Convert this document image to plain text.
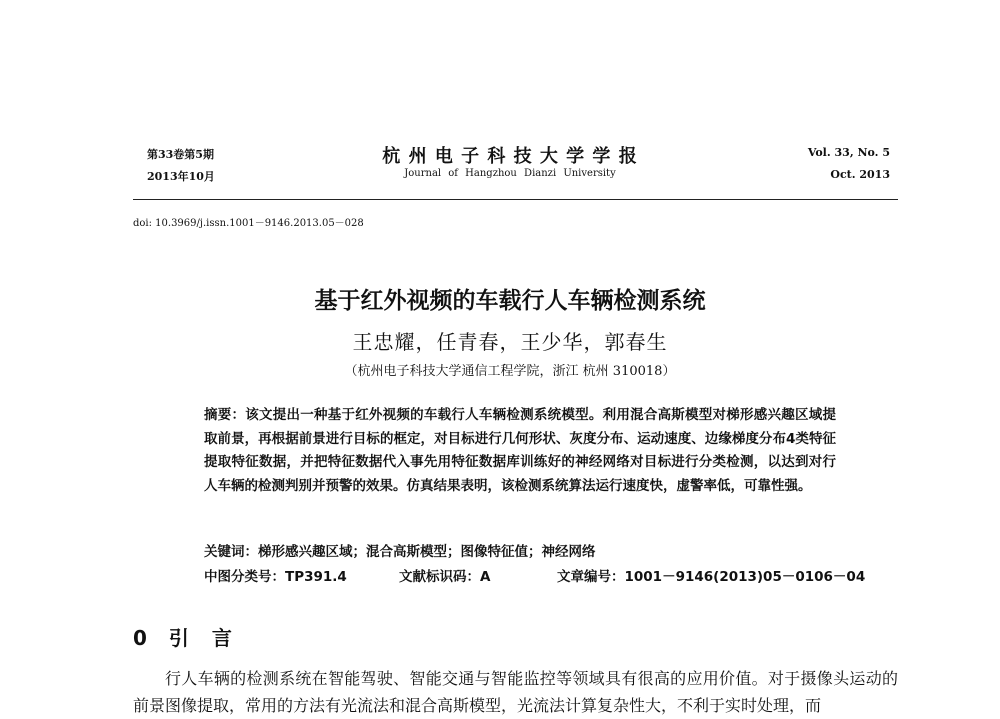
第33卷第5期
2013年10月
杭 州 电 子 科 技 大 学 学 报
Journal of Hangzhou Dianzi University
Vol. 33, No. 5
Oct. 2013
doi: 10.3969/j.issn.1001－9146.2013.05－028
基于红外视频的车载行人车辆检测系统
王忠耀，任青春，王少华，郭春生
（杭州电子科技大学通信工程学院，浙江 杭州 310018）
摘要：该文提出一种基于红外视频的车载行人车辆检测系统模型。利用混合高斯模型对梯形感兴趣区域提取前景，再根据前景进行目标的框定，对目标进行几何形状、灰度分布、运动速度、边缘梯度分布4类特征提取特征数据，并把特征数据代入事先用特征数据库训练好的神经网络对目标进行分类检测，以达到对行人车辆的检测判别并预警的效果。仿真结果表明，该检测系统算法运行速度快，虚警率低，可靠性强。
关键词：梯形感兴趣区域；混合高斯模型；图像特征值；神经网络
中图分类号：TP391.4	文献标识码：A	文章编号：1001－9146(2013)05－0106－04
0 引 言
行人车辆的检测系统在智能驾驶、智能交通与智能监控等领域具有很高的应用价值。对于摄像头运动的前景图像提取，常用的方法有光流法和混合高斯模型，光流法计算复杂性大，不利于实时处理，而
